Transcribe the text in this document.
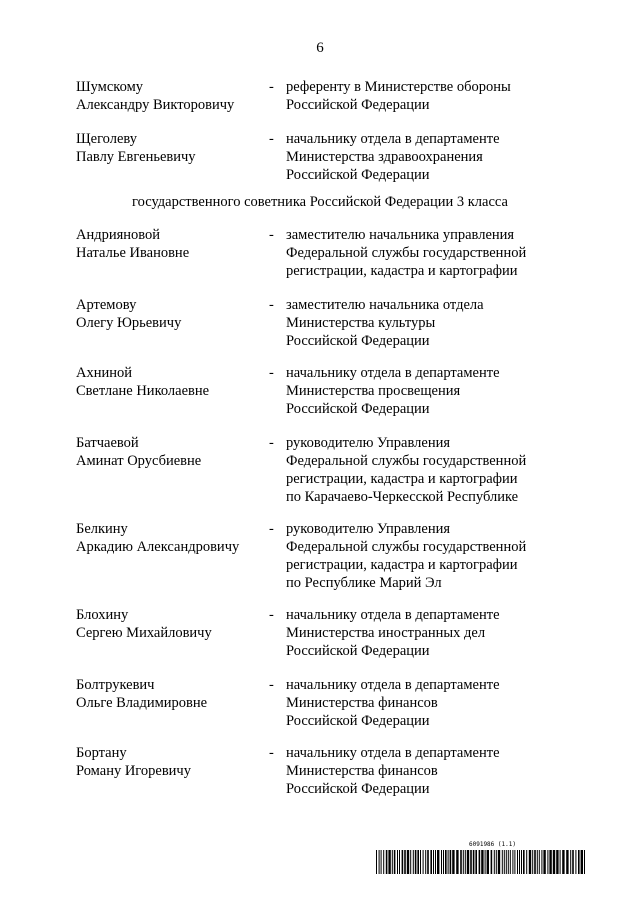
6
государственного советника Российской Федерации 3 класса
Шумскому
Александру Викторовичу
- референту в Министерстве обороны
Российской Федерации
Щеголеву
Павлу Евгеньевичу
- начальнику отдела в департаменте
Министерства здравоохранения
Российской Федерации
Андрияновой
Наталье Ивановне
- заместителю начальника управления
Федеральной службы государственной
регистрации, кадастра и картографии
Артемову
Олегу Юрьевичу
- заместителю начальника отдела
Министерства культуры
Российской Федерации
Ахниной
Светлане Николаевне
- начальнику отдела в департаменте
Министерства просвещения
Российской Федерации
Батчаевой
Аминат Орусбиевне
- руководителю Управления
Федеральной службы государственной
регистрации, кадастра и картографии
по Карачаево-Черкесской Республике
Белкину
Аркадию Александровичу
- руководителю Управления
Федеральной службы государственной
регистрации, кадастра и картографии
по Республике Марий Эл
Блохину
Сергею Михайловичу
- начальнику отдела в департаменте
Министерства иностранных дел
Российской Федерации
Болтрукевич
Ольге Владимировне
- начальнику отдела в департаменте
Министерства финансов
Российской Федерации
Бортану
Роману Игоревичу
- начальнику отдела в департаменте
Министерства финансов
Российской Федерации
6091986 (1.1)
